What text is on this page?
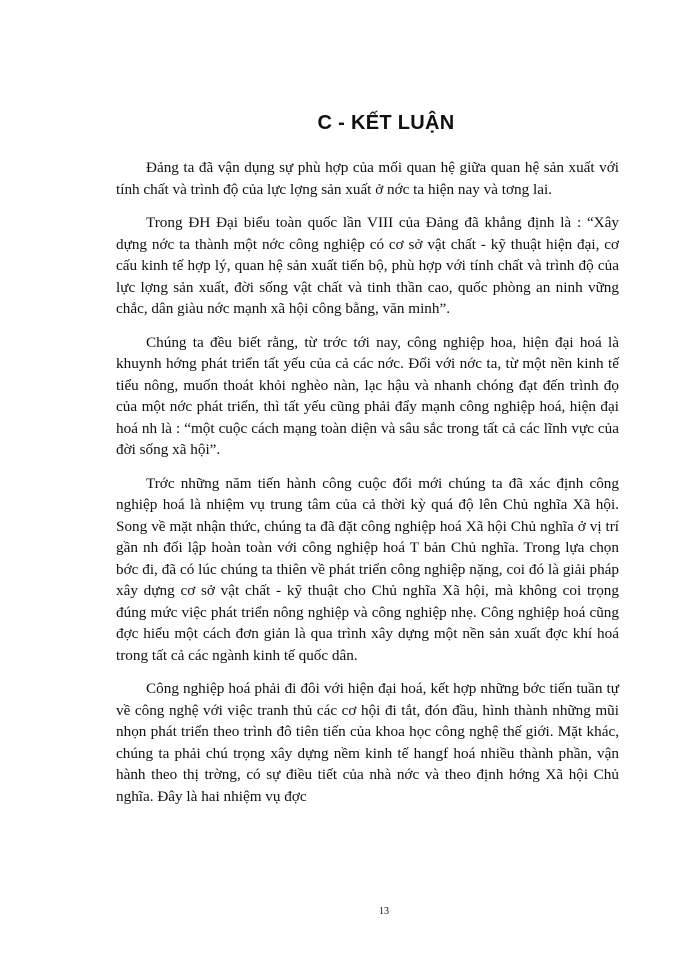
C - KẾT LUẬN

Đảng ta đã vận dụng sự phù hợp của mối quan hệ giữa quan hệ sản xuất với tính chất và trình độ của lực lợng sản xuất ở nớc ta hiện nay và tơng lai.

Trong ĐH Đại biểu toàn quốc lần VIII của Đảng đã khẳng định là : “Xây dựng nớc ta thành một nớc công nghiệp có cơ sở vật chất - kỹ thuật hiện đại, cơ cấu kinh tế hợp lý, quan hệ sản xuất tiến bộ, phù hợp với tính chất và trình độ của lực lợng sản xuất, đời sống vật chất và tinh thần cao, quốc phòng an ninh vững chắc, dân giàu nớc mạnh xã hội công bằng, văn minh”.

Chúng ta đều biết rằng, từ trớc tới nay, công nghiệp hoa, hiện đại hoá là khuynh hớng phát triển tất yếu của cả các nớc. Đối với nớc ta, từ một nền kinh tế tiểu nông, muốn thoát khỏi nghèo nàn, lạc hậu và nhanh chóng đạt đến trình đọ của một nớc phát triển, thì tất yếu cũng phải đẩy mạnh công nghiệp hoá, hiện đại hoá nh là : “một cuộc cách mạng toàn diện và sâu sắc trong tất cả các lĩnh vực của đời sống xã hội”.

Trớc những năm tiến hành công cuộc đổi mới chúng ta đã xác định công nghiệp hoá là nhiệm vụ trung tâm của cả thời kỳ quá độ lên Chủ nghĩa Xã hội. Song về mặt nhận thức, chúng ta đã đặt công nghiệp hoá Xã hội Chủ nghĩa ở vị trí gần nh đối lập hoàn toàn với công nghiệp hoá T bản Chủ nghĩa. Trong lựa chọn bớc đi, đã có lúc chúng ta thiên về phát triển công nghiệp nặng, coi đó là giải pháp xây dựng cơ sở vật chất - kỹ thuật cho Chủ nghĩa Xã hội, mà không coi trọng đúng mức việc phát triển nông nghiệp và công nghiệp nhẹ. Công nghiệp hoá cũng đợc hiểu một cách đơn giản là qua trình xây dựng một nền sản xuất đợc khí hoá trong tất cả các ngành kinh tế quốc dân.

Công nghiệp hoá phải đi đôi với hiện đại hoá, kết hợp những bớc tiến tuần tự về công nghệ với việc tranh thủ các cơ hội đi tắt, đón đầu, hình thành những mũi nhọn phát triển theo trình đô tiên tiến của khoa học công nghệ thế giới. Mặt khác, chúng ta phải chú trọng xây dựng nềm kinh tế hangf hoá nhiều thành phần, vận hành theo thị trờng, có sự điều tiết của nhà nớc và theo định hớng Xã hội Chủ nghĩa. Đây là hai nhiệm vụ đợc

13
